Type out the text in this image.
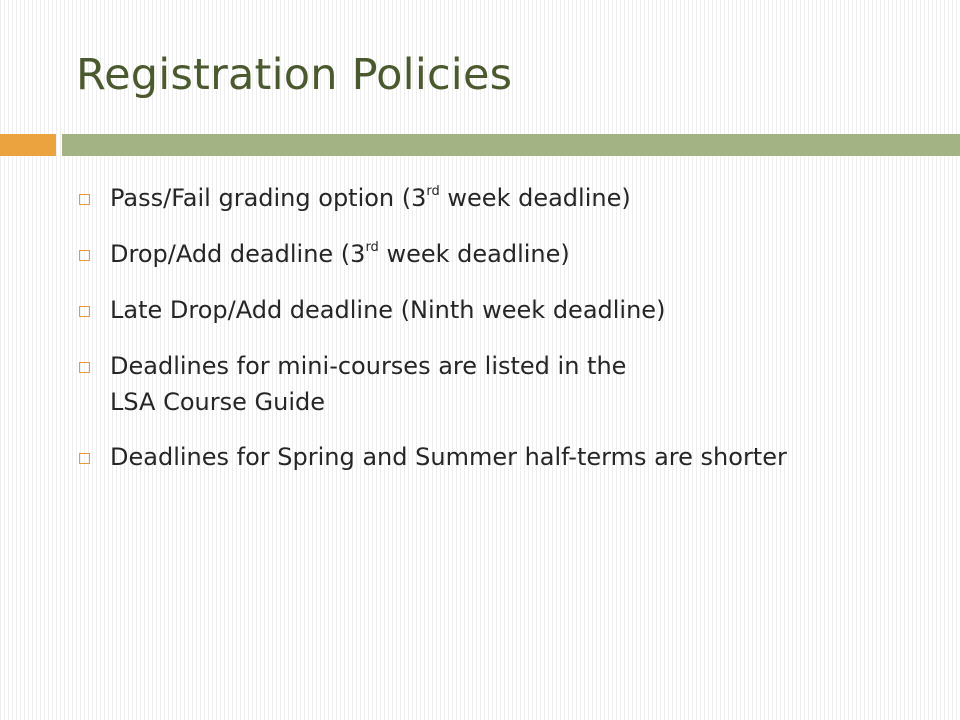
Registration Policies
Pass/Fail grading option (3rd week deadline)
Drop/Add deadline (3rd week deadline)
Late Drop/Add deadline (Ninth week deadline)
Deadlines for mini-courses are listed in the LSA Course Guide
Deadlines for Spring and Summer half-terms are shorter
